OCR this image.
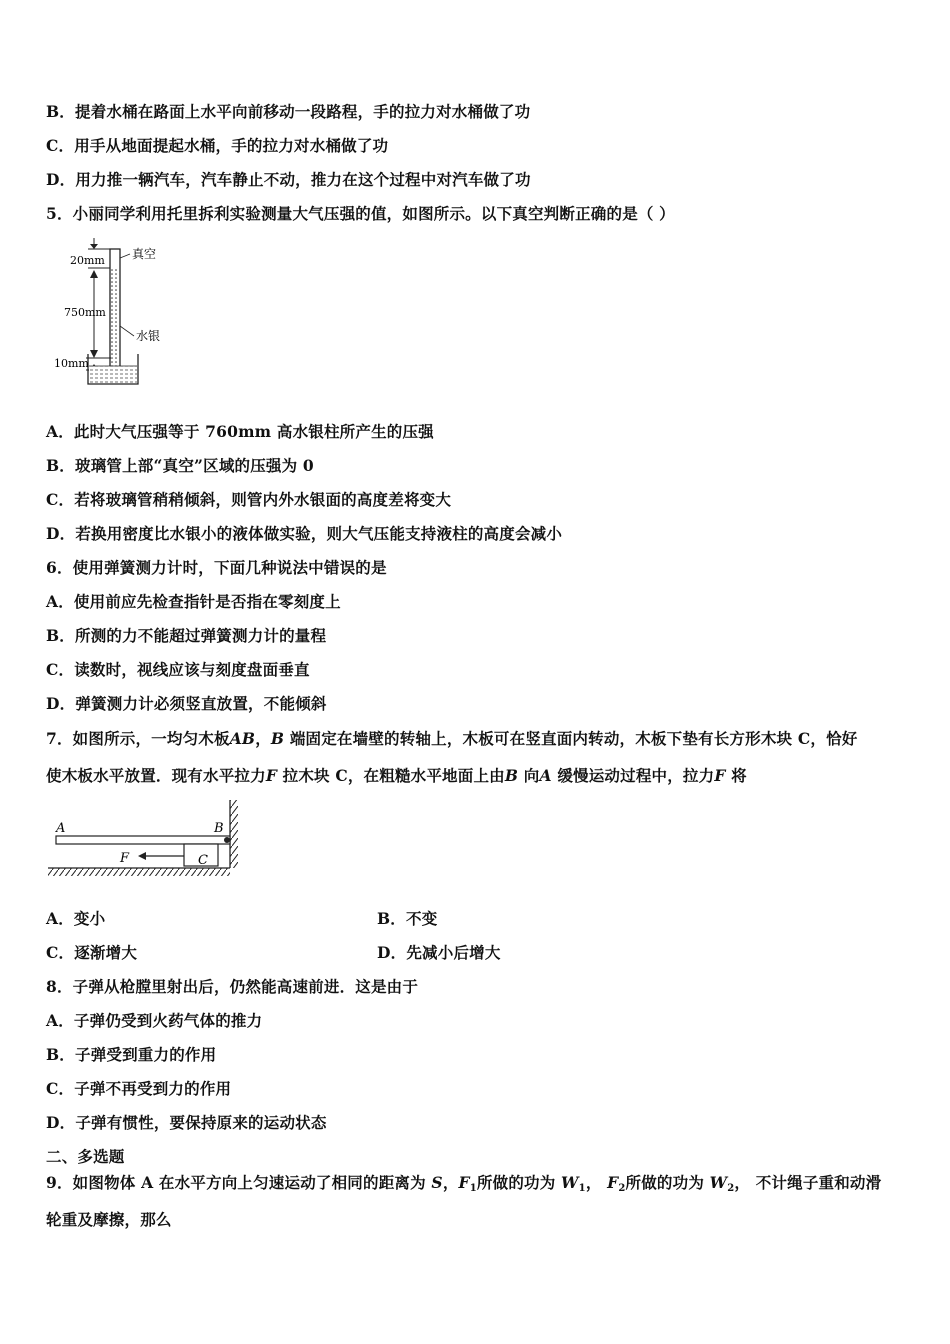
B．提着水桶在路面上水平向前移动一段路程，手的拉力对水桶做了功
C．用手从地面提起水桶，手的拉力对水桶做了功
D．用力推一辆汽车，汽车静止不动，推力在这个过程中对汽车做了功
5．小丽同学利用托里拆利实验测量大气压强的值，如图所示。以下真空判断正确的是（ ）
20mm
750mm
10mm
真空
水银
A．此时大气压强等于 760mm 高水银柱所产生的压强
B．玻璃管上部“真空”区域的压强为 0
C．若将玻璃管稍稍倾斜，则管内外水银面的高度差将变大
D．若换用密度比水银小的液体做实验，则大气压能支持液柱的高度会减小
6．使用弹簧测力计时，下面几种说法中错误的是
A．使用前应先检查指针是否指在零刻度上
B．所测的力不能超过弹簧测力计的量程
C．读数时，视线应该与刻度盘面垂直
D．弹簧测力计必须竖直放置，不能倾斜
7．如图所示，一均匀木板AB，B 端固定在墙壁的转轴上，木板可在竖直面内转动，木板下垫有长方形木块 C，恰好
使木板水平放置．现有水平拉力F 拉木块 C，在粗糙水平地面上由B 向A 缓慢运动过程中，拉力F 将
A	B
F	C
A．变小	B．不变
C．逐渐增大	D．先减小后增大
8．子弹从枪膛里射出后，仍然能高速前进．这是由于
A．子弹仍受到火药气体的推力
B．子弹受到重力的作用
C．子弹不再受到力的作用
D．子弹有惯性，要保持原来的运动状态
二、多选题
9．如图物体 A 在水平方向上匀速运动了相同的距离为 S，$F_1$所做的功为 $W_1$， $F_2$所做的功为 $W_2$， 不计绳子重和动滑
轮重及摩擦，那么
